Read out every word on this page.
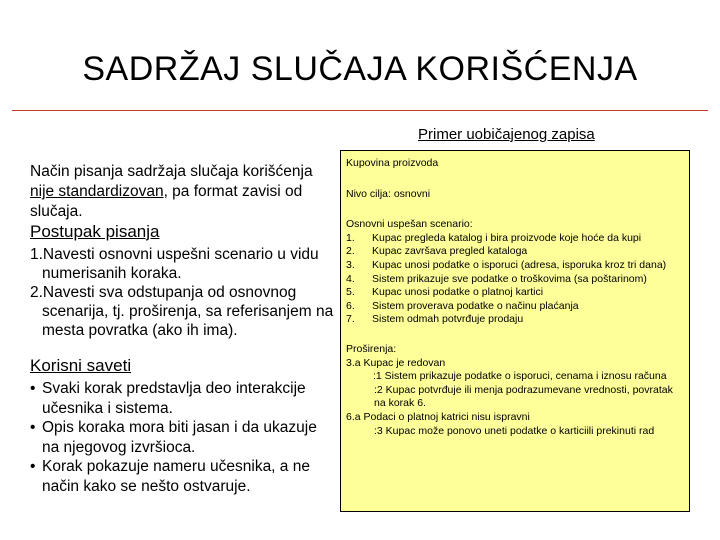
SADRŽAJ SLUČAJA KORIŠĆENJA
Primer uobičajenog zapisa

Način pisanja sadržaja slučaja korišćenja nije standardizovan, pa format zavisi od slučaja.

Postupak pisanja
1.Navesti osnovni uspešni scenario u vidu numerisanih koraka.
2.Navesti sva odstupanja od osnovnog scenarija, tj. proširenja, sa referisanjem na mesta povratka (ako ih ima).
Korisni saveti
• Svaki korak predstavlja deo interakcije učesnika i sistema.
• Opis koraka mora biti jasan i da ukazuje na njegovog izvršioca.
• Korak pokazuje nameru učesnika, a ne način kako se nešto ostvaruje.

Kupovina proizvoda

Nivo cilja: osnovni

Osnovni uspešan scenario:

1.	Kupac pregleda katalog i bira proizvode koje hoće da kupi
2.	Kupac završava pregled kataloga
3.	Kupac unosi podatke o isporuci (adresa, isporuka kroz tri dana)
4.	Sistem prikazuje sve podatke o troškovima (sa poštarinom)
5.	Kupac unosi podatke o platnoj kartici
6.	Sistem proverava podatke o načinu plaćanja
7.	Sistem odmah potvrđuje prodaju

Proširenja:

3.a Kupac je redovan

:1 Sistem prikazuje podatke o isporuci, cenama i iznosu računa

:2 Kupac potvrđuje ili menja podrazumevane vrednosti, povratak na korak 6.

6.a Podaci o platnoj katrici nisu ispravni

:3 Kupac može ponovo uneti podatke o karticiili prekinuti rad
